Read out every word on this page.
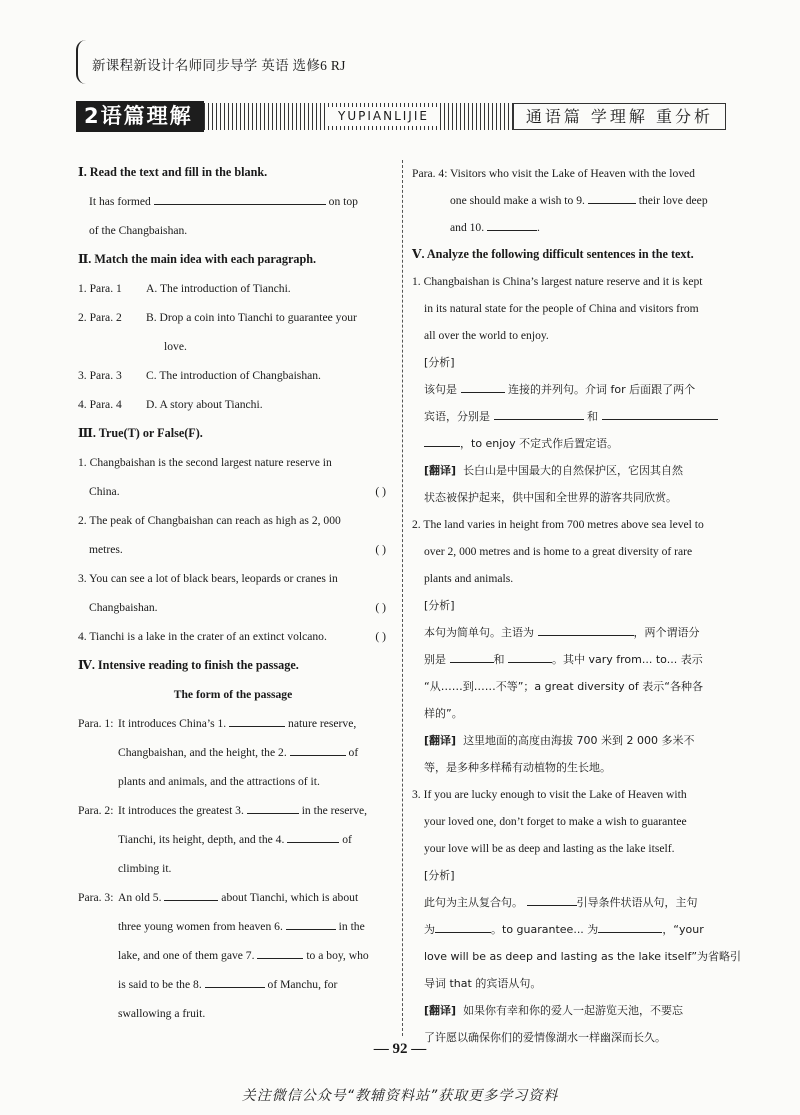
新课程新设计名师同步导学 英语 选修6 RJ
2语篇理解	YUPIANLIJIE	通语篇 学理解 重分析

Ⅰ. Read the text and fill in the blank.

It has formed	on top

of the Changbaishan.

Ⅱ. Match the main idea with each paragraph.

1. Para. 1 A. The introduction of Tianchi.

2. Para. 2 B. Drop a coin into Tianchi to guarantee your

love.

3. Para. 3 C. The introduction of Changbaishan.

4. Para. 4 D. A story about Tianchi.

Ⅲ. True(T) or False(F).

1. Changbaishan is the second largest nature reserve in

China.	( )

2. The peak of Changbaishan can reach as high as 2, 000

metres.	( )

3. You can see a lot of black bears, leopards or cranes in

Changbaishan.	( )

4. Tianchi is a lake in the crater of an extinct volcano.	( )

Ⅳ. Intensive reading to finish the passage.

The form of the passage

Para. 1: It introduces China’s 1.	nature reserve,

Changbaishan, and the height, the 2.	of

plants and animals, and the attractions of it.

Para. 2: It introduces the greatest 3.	in the reserve,

Tianchi, its height, depth, and the 4.	of

climbing it.

Para. 3: An old 5.	about Tianchi, which is about

three young women from heaven 6.	in the

lake, and one of them gave 7.	to a boy, who

is said to be the 8.	of Manchu, for

swallowing a fruit.

Para. 4: Visitors who visit the Lake of Heaven with the loved

one should make a wish to 9.	their love deep

and 10.	.

Ⅴ. Analyze the following difficult sentences in the text.

1. Changbaishan is China’s largest nature reserve and it is kept

in its natural state for the people of China and visitors from

all over the world to enjoy.

[分析]

该句是	连接的并列句。介词 for 后面跟了两个

宾语，分别是	和

，to enjoy 不定式作后置定语。

[翻译] 长白山是中国最大的自然保护区，它因其自然

状态被保护起来，供中国和全世界的游客共同欣赏。

2. The land varies in height from 700 metres above sea level to

over 2, 000 metres and is home to a great diversity of rare

plants and animals.

[分析]

本句为简单句。主语为	，两个谓语分

别是	和	。其中 vary from... to... 表示

“从……到……不等”；a great diversity of 表示“各种各

样的”。

[翻译] 这里地面的高度由海拔 700 米到 2 000 多米不

等，是多种多样稀有动植物的生长地。

3. If you are lucky enough to visit the Lake of Heaven with

your loved one, don’t forget to make a wish to guarantee

your love will be as deep and lasting as the lake itself.

[分析]

此句为主从复合句。	引导条件状语从句，主句

为	。to guarantee... 为	，“your

love will be as deep and lasting as the lake itself”为省略引

导词 that 的宾语从句。

[翻译] 如果你有幸和你的爱人一起游览天池，不要忘

了许愿以确保你们的爱情像湖水一样幽深而长久。

— 92 —
关注微信公众号“教辅资料站”获取更多学习资料
